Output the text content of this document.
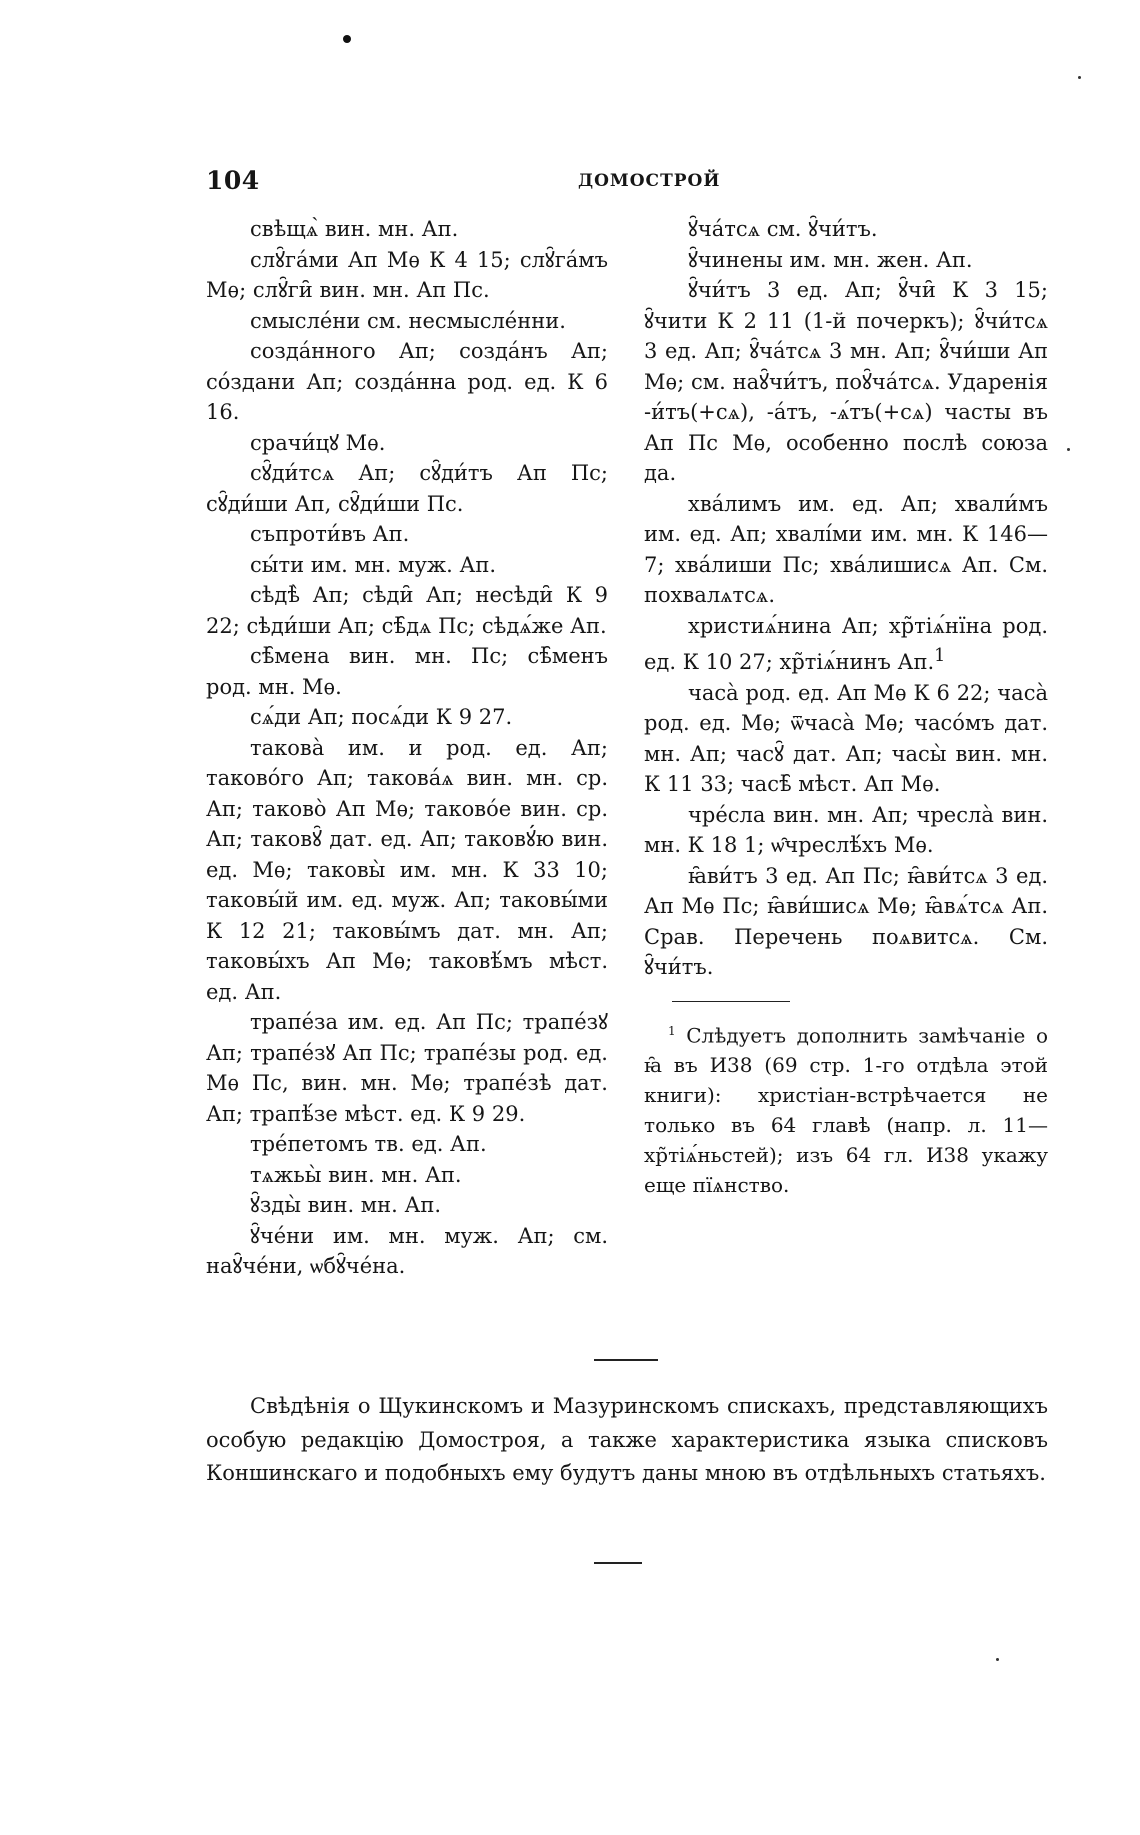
104	ДОМОСТРОЙ

свѣщѧ̀ вин. мн. Ап.

слꙋ̑га́ми Ап Мѳ К 4 15; слꙋ̑га́мъ Мѳ; слꙋ̑ги̑ вин. мн. Ап Пс.

смысле́ни см. несмысле́нни.

созда́нного Ап; созда́нъ Ап; со́здани Ап; созда́нна род. ед. К 6 16.

срачи́цꙋ Мѳ.

сꙋ̑ди́тсѧ Ап; сꙋ̑ди́тъ Ап Пс; сꙋ̑ди́ши Ап, сꙋ̑ди́ши Пс.

съпроти́въ Ап.

сы́ти им. мн. муж. Ап.

сѣдѣ̀ Ап; сѣди̑ Ап; несѣди̑ К 9 22; сѣди́ши Ап; сѣ̑дѧ Пс; сѣдѧ́же Ап.

сѣ̑мена вин. мн. Пс; сѣ̑менъ род. мн. Мѳ.

сѧ́ди Ап; посѧ́ди К 9 27.

такова̀ им. и род. ед. Ап; таково́го Ап; такова́ѧ вин. мн. ср. Ап; таково̀ Ап Мѳ; таково́е вин. ср. Ап; таковꙋ̑ дат. ед. Ап; таковꙋ́ю вин. ед. Мѳ; таковы̀ им. мн. К 33 10; таковы́й им. ед. муж. Ап; таковы́ми К 12 21; таковы́мъ дат. мн. Ап; таковы́хъ Ап Мѳ; таковѣ́мъ мѣст. ед. Ап.

трапе́за им. ед. Ап Пс; трапе́зꙋ Ап; трапе́зꙋ Ап Пс; трапе́зы род. ед. Мѳ Пс, вин. мн. Мѳ; трапе́зѣ дат. Ап; трапѣ́зе мѣст. ед. К 9 29.

тре́петомъ тв. ед. Ап.

тѧжьы̀ вин. мн. Ап.

ꙋ̑зды̀ вин. мн. Ап.

ꙋ̑че́ни им. мн. муж. Ап; см. наꙋ̑че́ни, ѡбꙋ̑че́на.

ꙋ̑ча́тсѧ см. ꙋ̑чи́тъ.

ꙋ̑чинены им. мн. жен. Ап.

ꙋ̑чи́тъ 3 ед. Ап; ꙋ̑чи̑ К 3 15; ꙋ̑чити К 2 11 (1-й почеркъ); ꙋ̑чи́тсѧ 3 ед. Ап; ꙋ̑ча́тсѧ 3 мн. Ап; ꙋ̑чи́ши Ап Мѳ; см. наꙋ̑чи́тъ, поꙋ̑ча́тсѧ. Ударенія -и́тъ(+сѧ), -а́тъ, -ѧ́тъ(+сѧ) часты въ Ап Пс Мѳ, особенно послѣ союза да.

хва́лимъ им. ед. Ап; хвали́мъ им. ед. Ап; хвалі́ми им. мн. К 146—7; хва́лиши Пс; хва́лишисѧ Ап. См. похвалѧтсѧ.

христиѧ́нина Ап; хр̃тіѧ́нїна род. ед. К 10 27; хр̃тіѧ́нинъ Ап.$^1$

часа̀ род. ед. Ап Мѳ К 6 22; часа̀ род. ед. Мѳ; ѿчаса̀ Мѳ; часо́мъ дат. мн. Ап; часꙋ̑ дат. Ап; часы̀ вин. мн. К 11 33; часѣ̑ мѣст. Ап Мѳ.

чре́сла вин. мн. Ап; чресла̀ вин. мн. К 18 1; ѡ̑чреслѣ́хъ Мѳ.

ꙗ̑ви́тъ 3 ед. Ап Пс; ꙗ̑ви́тсѧ 3 ед. Ап Мѳ Пс; ꙗ̑ви́шисѧ Мѳ; ꙗ̑вѧ́тсѧ Ап. Срав. Перечень поѧвитсѧ. См. ꙋ̑чи́тъ.

$^1$ Слѣдуетъ дополнить замѣчаніе о ꙗ̑ въ И38 (69 стр. 1-го отдѣла этой книги): христіан-встрѣчается не только въ 64 главѣ (напр. л. 11—хр̃тіѧ́ньстей); изъ 64 гл. И38 укажу еще пїѧнство.

Свѣдѣнія о Щукинскомъ и Мазуринскомъ спискахъ, представляющихъ особую редакцію Домостроя, а также характеристика языка списковъ Коншинскаго и подобныхъ ему будутъ даны мною въ отдѣльныхъ статьяхъ.
